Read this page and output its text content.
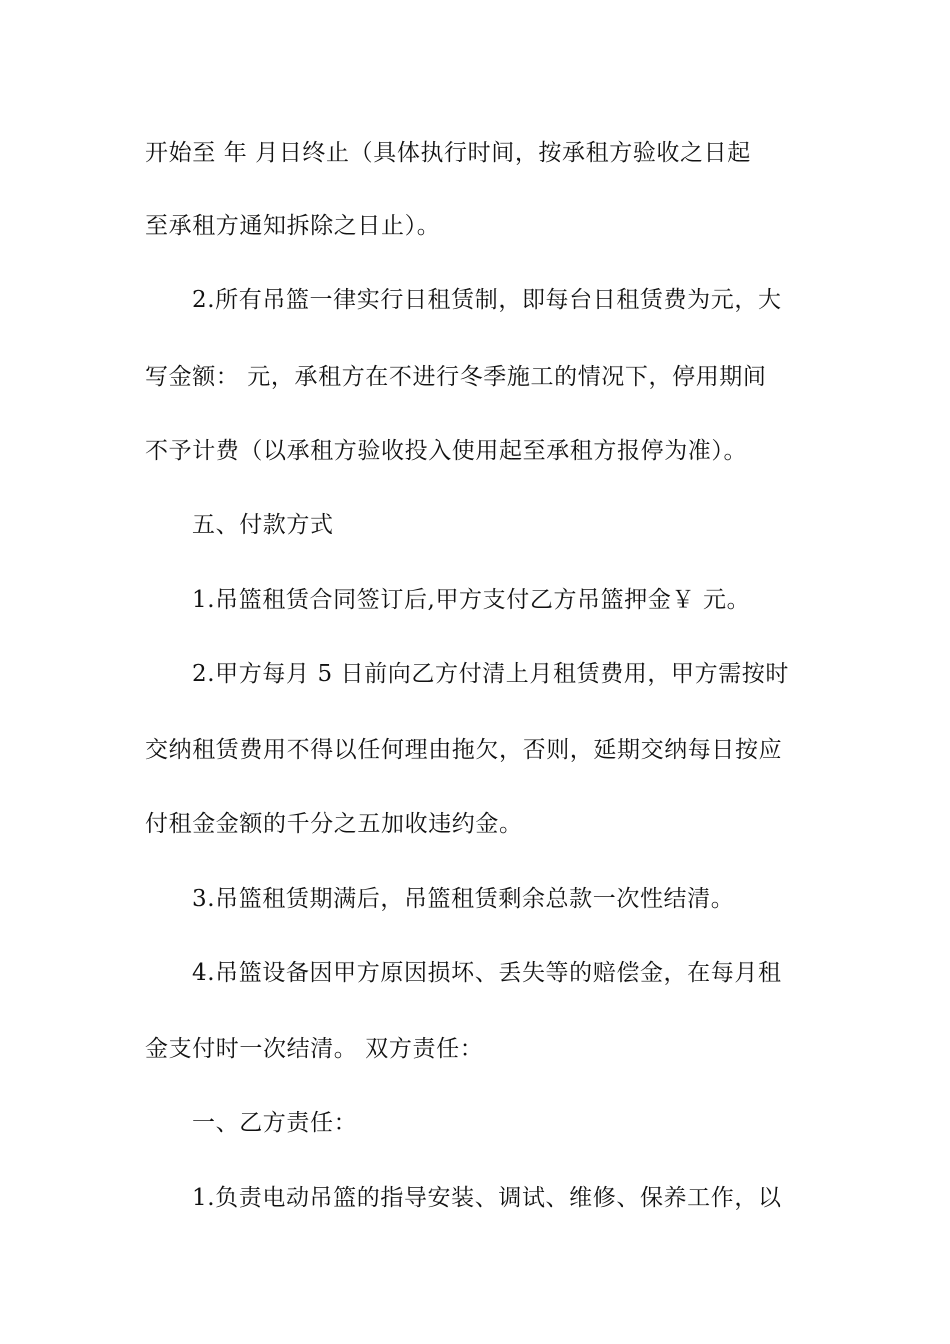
开始至 年 月日终止（具体执行时间，按承租方验收之日起
至承租方通知拆除之日止）。
2.所有吊篮一律实行日租赁制，即每台日租赁费为元，大
写金额： 元，承租方在不进行冬季施工的情况下，停用期间
不予计费（以承租方验收投入使用起至承租方报停为准）。
五、付款方式
1.吊篮租赁合同签订后,甲方支付乙方吊篮押金￥ 元。
2.甲方每月 5 日前向乙方付清上月租赁费用，甲方需按时
交纳租赁费用不得以任何理由拖欠，否则，延期交纳每日按应
付租金金额的千分之五加收违约金。
3.吊篮租赁期满后，吊篮租赁剩余总款一次性结清。
4.吊篮设备因甲方原因损坏、丢失等的赔偿金，在每月租
金支付时一次结清。 双方责任：
一、乙方责任：
1.负责电动吊篮的指导安装、调试、维修、保养工作，以
